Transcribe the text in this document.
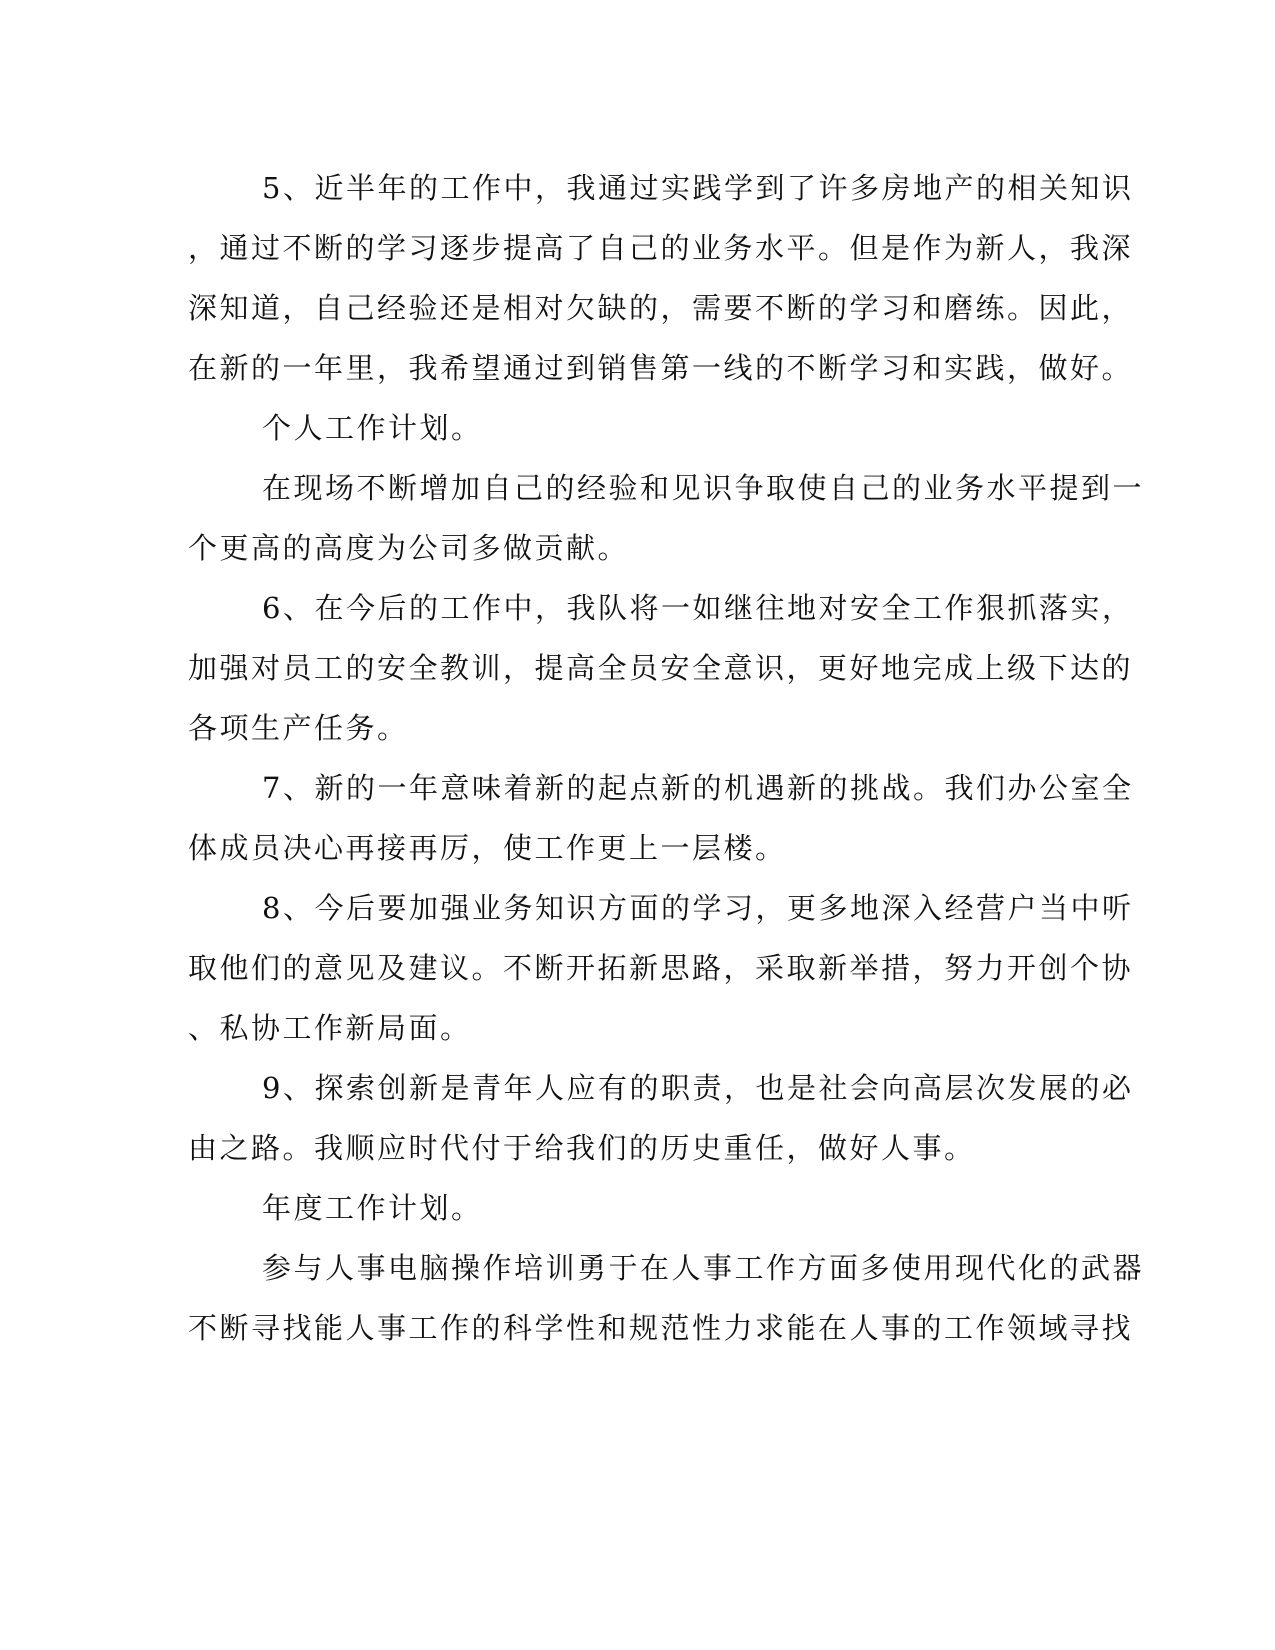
5、近半年的工作中，我通过实践学到了许多房地产的相关知识
，通过不断的学习逐步提高了自己的业务水平。但是作为新人，我深
深知道，自己经验还是相对欠缺的，需要不断的学习和磨练。因此，
在新的一年里，我希望通过到销售第一线的不断学习和实践，做好。
个人工作计划。
在现场不断增加自己的经验和见识争取使自己的业务水平提到一
个更高的高度为公司多做贡献。
6、在今后的工作中，我队将一如继往地对安全工作狠抓落实，
加强对员工的安全教训，提高全员安全意识，更好地完成上级下达的
各项生产任务。
7、新的一年意味着新的起点新的机遇新的挑战。我们办公室全
体成员决心再接再厉，使工作更上一层楼。
8、今后要加强业务知识方面的学习，更多地深入经营户当中听
取他们的意见及建议。不断开拓新思路，采取新举措，努力开创个协
、私协工作新局面。
9、探索创新是青年人应有的职责，也是社会向高层次发展的必
由之路。我顺应时代付于给我们的历史重任，做好人事。
年度工作计划。
参与人事电脑操作培训勇于在人事工作方面多使用现代化的武器
不断寻找能人事工作的科学性和规范性力求能在人事的工作领域寻找
